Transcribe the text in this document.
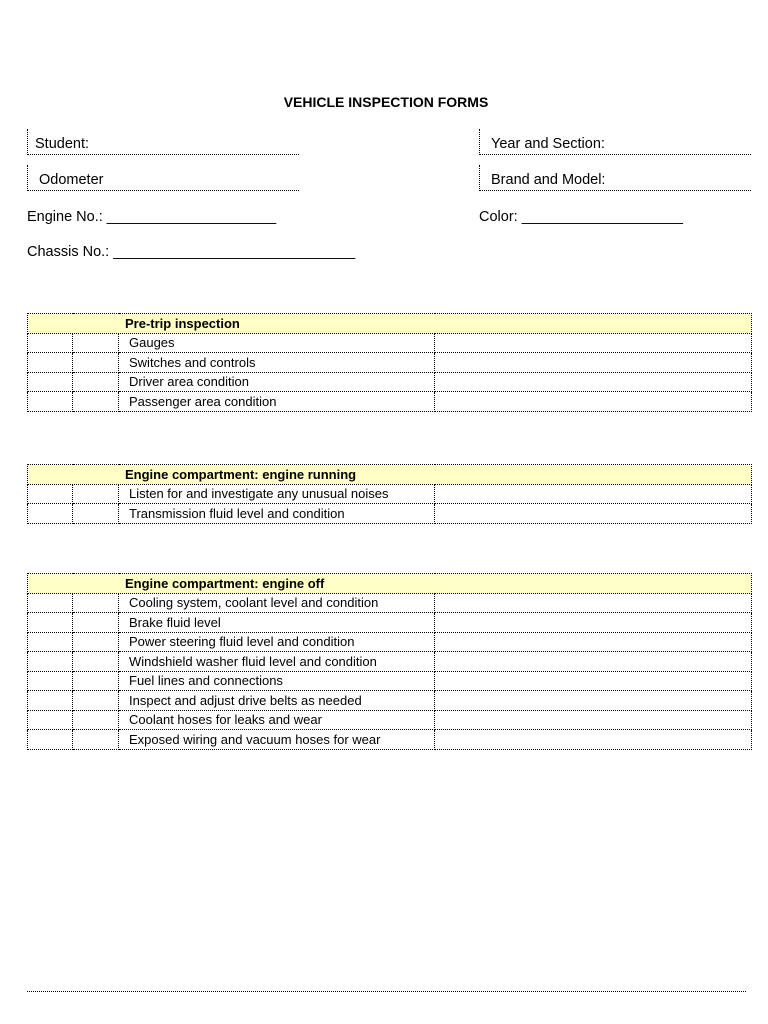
VEHICLE INSPECTION FORMS
Student:	Year and Section:
Odometer	Brand and Model:
Engine No.: _____________________	Color: ____________________
Chassis No.: ______________________________
Pre-trip inspection			
		Gauges	
		Switches and controls	
		Driver area condition	
		Passenger area condition	
Engine compartment: engine running			
		Listen for and investigate any unusual noises	
		Transmission fluid level and condition	
Engine compartment: engine off			
		Cooling system, coolant level and condition	
		Brake fluid level	
		Power steering fluid level and condition	
		Windshield washer fluid level and condition	
		Fuel lines and connections	
		Inspect and adjust drive belts as needed	
		Coolant hoses for leaks and wear	
		Exposed wiring and vacuum hoses for wear	
